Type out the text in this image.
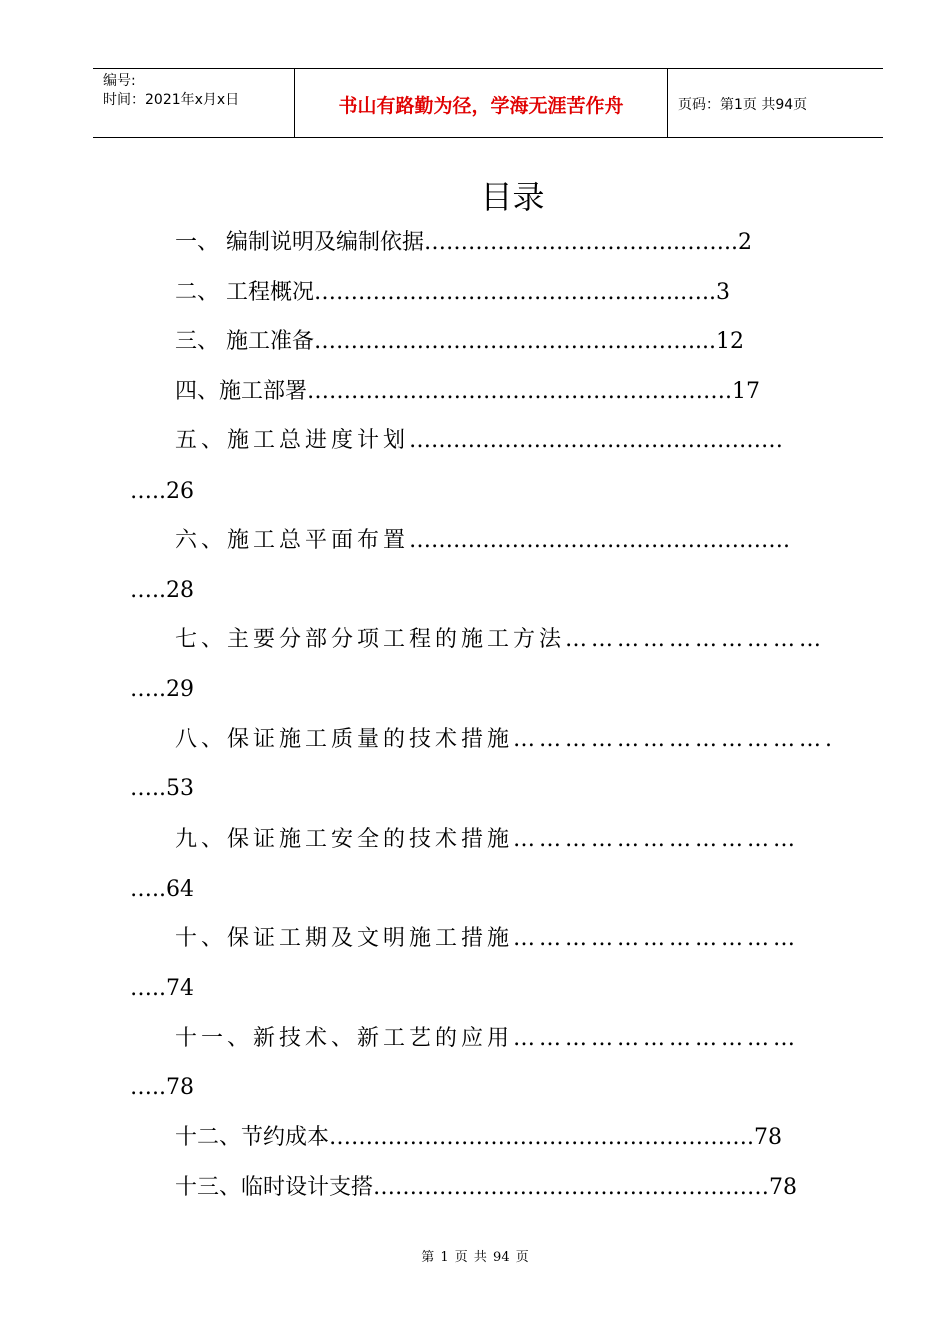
编号:
时间：2021年x月x日	书山有路勤为径，学海无涯苦作舟	页码：第1页 共94页
目录
一、 编制说明及编制依据……………………………..……..2
二、 工程概况…………………………………………..…..3
三、 施工准备……………………………………………....12
四、施工部署………………………………………………….17
五、施工总进度计划……………………………………………
…..26
六、施工总平面布置…………………………………………….
…..28
七、主要分部分项工程的施工方法…………………………
…..29
八、保证施工质量的技术措施……………………………….
…..53
九、保证施工安全的技术措施……………………………
…..64
十、保证工期及文明施工措施……………………………
…..74
十一、新技术、新工艺的应用……………………………
…..78
十二、节约成本………………………………………………….78
十三、临时设计支搭………………………………………………78
第 1 页 共 94 页
